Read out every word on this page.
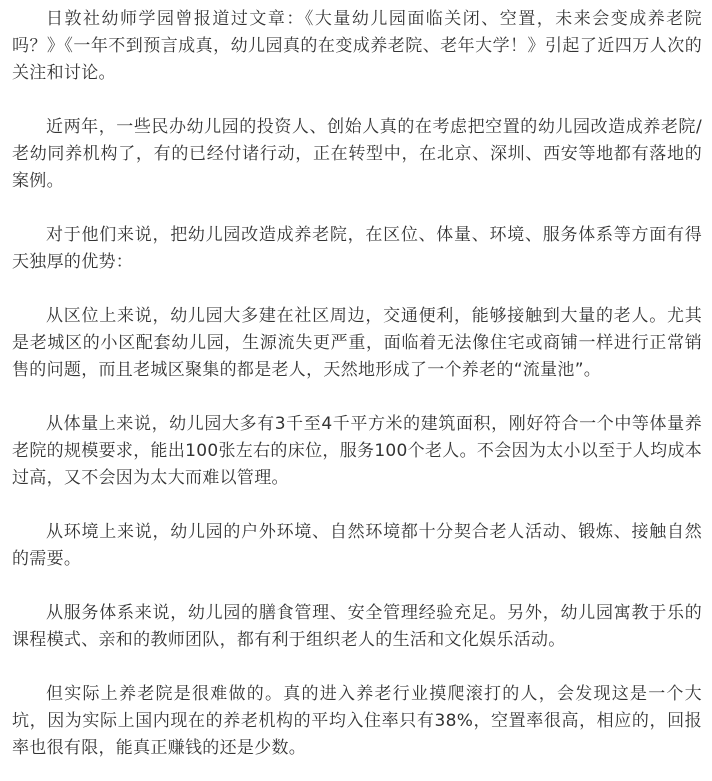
日敦社幼师学园曾报道过文章：《大量幼儿园面临关闭、空置，未来会变成养老院吗？》《一年不到预言成真，幼儿园真的在变成养老院、老年大学！》引起了近四万人次的关注和讨论。

近两年，一些民办幼儿园的投资人、创始人真的在考虑把空置的幼儿园改造成养老院/老幼同养机构了，有的已经付诸行动，正在转型中，在北京、深圳、西安等地都有落地的案例。

对于他们来说，把幼儿园改造成养老院，在区位、体量、环境、服务体系等方面有得天独厚的优势：

从区位上来说，幼儿园大多建在社区周边，交通便利，能够接触到大量的老人。尤其是老城区的小区配套幼儿园，生源流失更严重，面临着无法像住宅或商铺一样进行正常销售的问题，而且老城区聚集的都是老人，天然地形成了一个养老的“流量池”。

从体量上来说，幼儿园大多有3千至4千平方米的建筑面积，刚好符合一个中等体量养老院的规模要求，能出100张左右的床位，服务100个老人。不会因为太小以至于人均成本过高，又不会因为太大而难以管理。

从环境上来说，幼儿园的户外环境、自然环境都十分契合老人活动、锻炼、接触自然的需要。

从服务体系来说，幼儿园的膳食管理、安全管理经验充足。另外，幼儿园寓教于乐的课程模式、亲和的教师团队，都有利于组织老人的生活和文化娱乐活动。

但实际上养老院是很难做的。真的进入养老行业摸爬滚打的人，会发现这是一个大坑，因为实际上国内现在的养老机构的平均入住率只有38%，空置率很高，相应的，回报率也很有限，能真正赚钱的还是少数。
